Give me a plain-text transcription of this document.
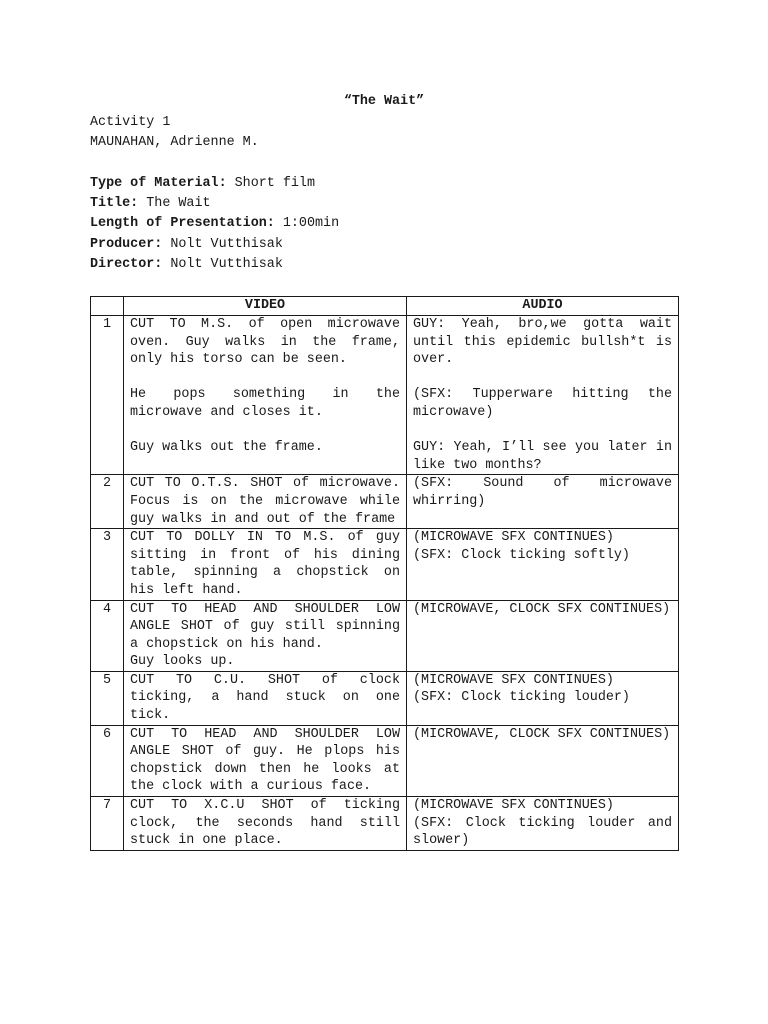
“The Wait”
Activity 1
MAUNAHAN, Adrienne M.
Type of Material: Short film
Title: The Wait
Length of Presentation: 1:00min
Producer: Nolt Vutthisak
Director: Nolt Vutthisak
	VIDEO	AUDIO
1	CUT TO M.S. of open microwave oven. Guy walks in the frame, only his torso can be seen.
He pops something in the microwave and closes it.
Guy walks out the frame.	GUY: Yeah, bro,we gotta wait until this epidemic bullsh*t is over.
(SFX: Tupperware hitting the microwave)
GUY: Yeah, I’ll see you later in like two months?

2	CUT TO O.T.S. SHOT of microwave. Focus is on the microwave while guy walks in and out of the frame	(SFX: Sound of microwave whirring)

3	CUT TO DOLLY IN TO M.S. of guy sitting in front of his dining table, spinning a chopstick on his left hand.	(MICROWAVE SFX CONTINUES)
(SFX: Clock ticking softly)

4	CUT TO HEAD AND SHOULDER LOW ANGLE SHOT of guy still spinning a chopstick on his hand.
Guy looks up.	(MICROWAVE, CLOCK SFX CONTINUES)

5	CUT TO C.U. SHOT of clock ticking, a hand stuck on one tick.	(MICROWAVE SFX CONTINUES)
(SFX: Clock ticking louder)

6	CUT TO HEAD AND SHOULDER LOW ANGLE SHOT of guy. He plops his chopstick down then he looks at the clock with a curious face.	(MICROWAVE, CLOCK SFX CONTINUES)

7	CUT TO X.C.U SHOT of ticking clock, the seconds hand still stuck in one place.	(MICROWAVE SFX CONTINUES)
(SFX: Clock ticking louder and slower)
